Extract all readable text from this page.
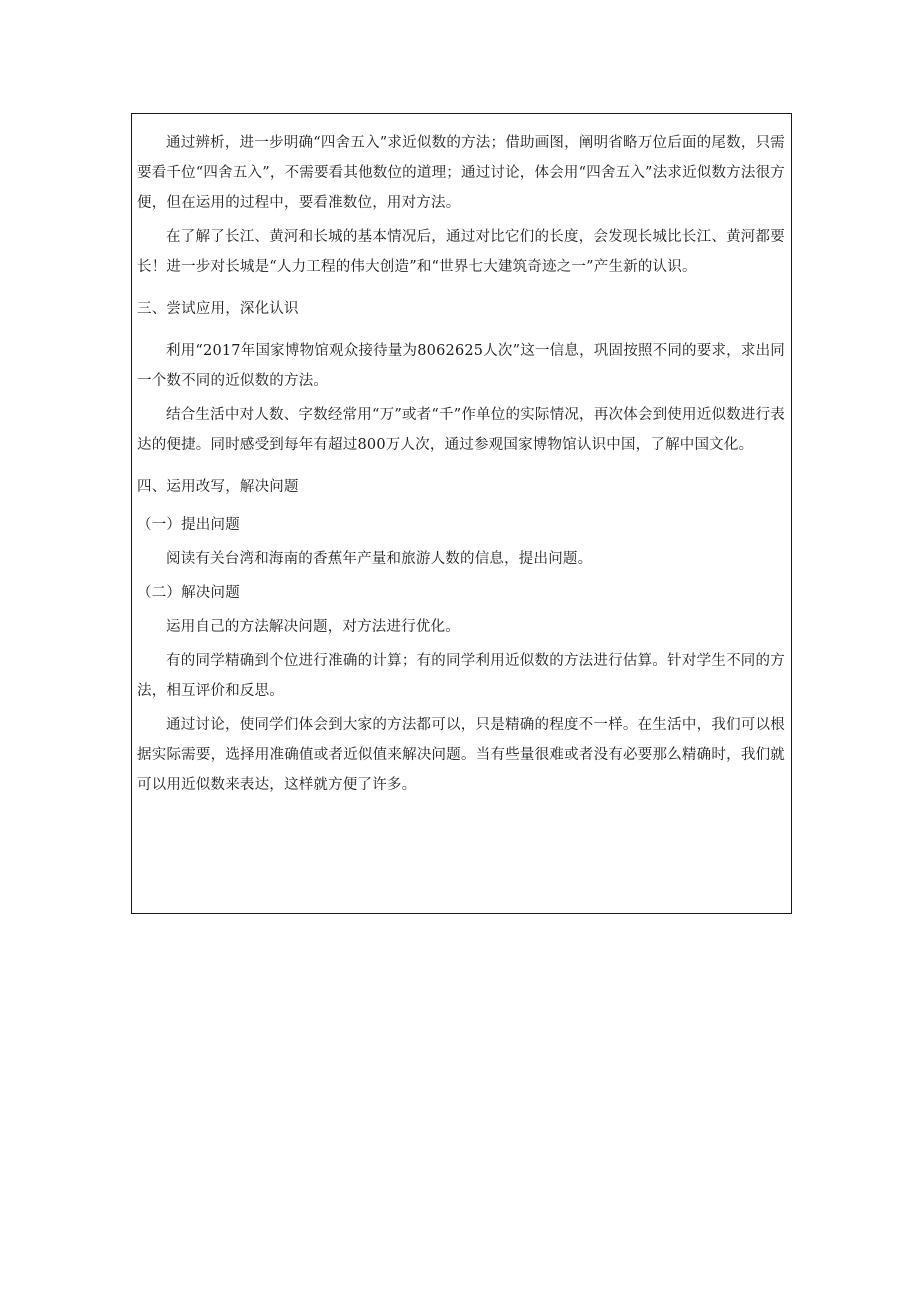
通过辨析，进一步明确“四舍五入”求近似数的方法；借助画图，阐明省略万位后面的尾数，只需要看千位“四舍五入”，不需要看其他数位的道理；通过讨论，体会用“四舍五入”法求近似数方法很方便，但在运用的过程中，要看准数位，用对方法。

在了解了长江、黄河和长城的基本情况后，通过对比它们的长度，会发现长城比长江、黄河都要长！进一步对长城是“人力工程的伟大创造”和“世界七大建筑奇迹之一”产生新的认识。

三、尝试应用，深化认识

利用“2017年国家博物馆观众接待量为8062625人次”这一信息，巩固按照不同的要求，求出同一个数不同的近似数的方法。

结合生活中对人数、字数经常用“万”或者“千”作单位的实际情况，再次体会到使用近似数进行表达的便捷。同时感受到每年有超过800万人次，通过参观国家博物馆认识中国，了解中国文化。

四、运用改写，解决问题

（一）提出问题

阅读有关台湾和海南的香蕉年产量和旅游人数的信息，提出问题。

（二）解决问题

运用自己的方法解决问题，对方法进行优化。

有的同学精确到个位进行准确的计算；有的同学利用近似数的方法进行估算。针对学生不同的方法，相互评价和反思。

通过讨论，使同学们体会到大家的方法都可以，只是精确的程度不一样。在生活中，我们可以根据实际需要，选择用准确值或者近似值来解决问题。当有些量很难或者没有必要那么精确时，我们就可以用近似数来表达，这样就方便了许多。
